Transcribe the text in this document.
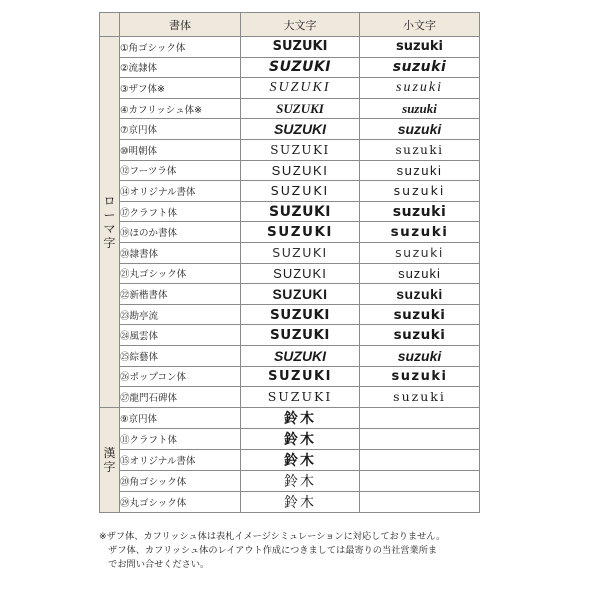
	書体	大文字	小文字

ロ
ー
マ
字	①角ゴシック体	SUZUKI	suzuki
	②流隷体	SUZUKI	suzuki
	③ザフ体※	SUZUKI	suzuki
	④カフリッシュ体※	SUZUKI	suzuki
	⑦京円体	SUZUKI	suzuki
	⑩明朝体	SUZUKI	suzuki
	⑫フーツラ体	SUZUKI	suzuki
	⑭オリジナル書体	SUZUKI	suzuki
	⑰クラフト体	SUZUKI	suzuki
	⑲ほのか書体	SUZUKI	suzuki
	⑳隷書体	SUZUKI	suzuki
	㉑丸ゴシック体	SUZUKI	suzuki
	㉒新楷書体	SUZUKI	suzuki
	㉓勘亭流	SUZUKI	suzuki
	㉔風雲体	SUZUKI	suzuki
	㉕綜藝体	SUZUKI	suzuki
	㉖ポップコン体	SUZUKI	suzuki
	㉗龍門石碑体	SUZUKI	suzuki

漢
字	⑨京円体	鈴木	
	⑪クラフト体	鈴木	
	⑮オリジナル書体	鈴木	
	⑳角ゴシック体	鈴木	
	㉙丸ゴシック体	鈴木	
※ザフ体、カフリッシュ体は表札イメージシミュレーションに対応しておりません。
　ザフ体、カフリッシュ体のレイアウト作成につきましては最寄りの当社営業所ま
　でお問い合せください。
